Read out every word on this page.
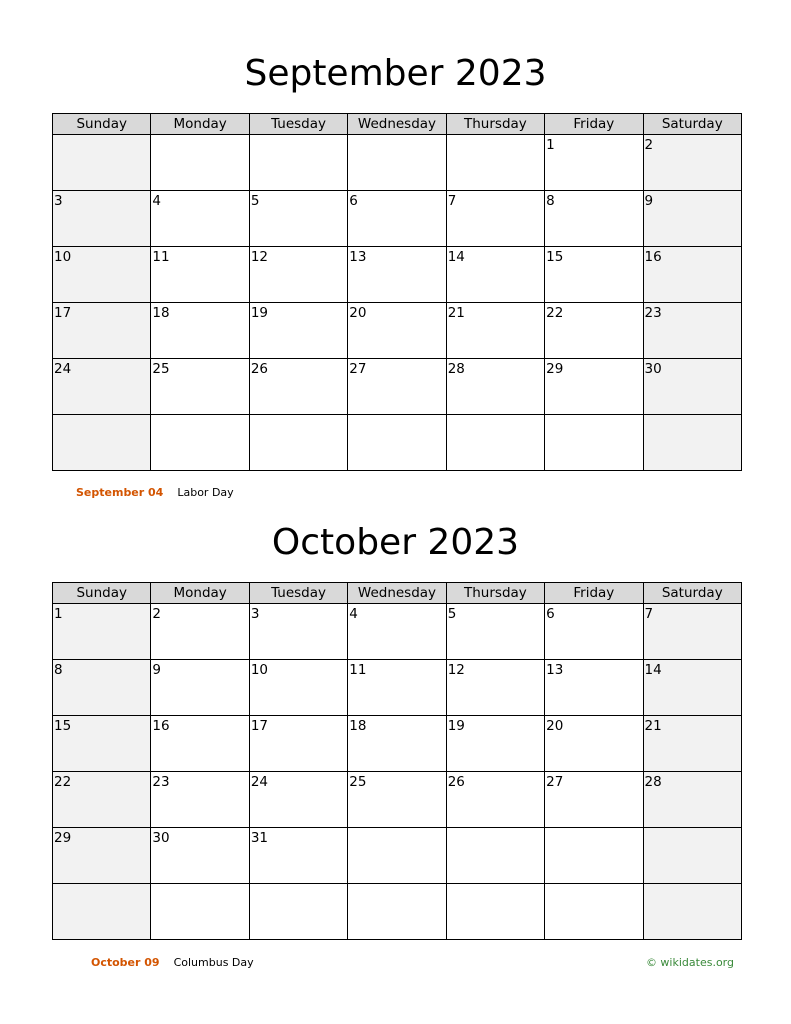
September 2023
Sunday	Monday	Tuesday	Wednesday	Thursday	Friday	Saturday

					1	2

3	4	5	6	7	8	9

10	11	12	13	14	15	16

17	18	19	20	21	22	23

24	25	26	27	28	29	30

September 04 Labor Day
October 2023
Sunday	Monday	Tuesday	Wednesday	Thursday	Friday	Saturday

1	2	3	4	5	6	7

8	9	10	11	12	13	14

15	16	17	18	19	20	21

22	23	24	25	26	27	28

29	30	31				

October 09 Columbus Day	© wikidates.org
